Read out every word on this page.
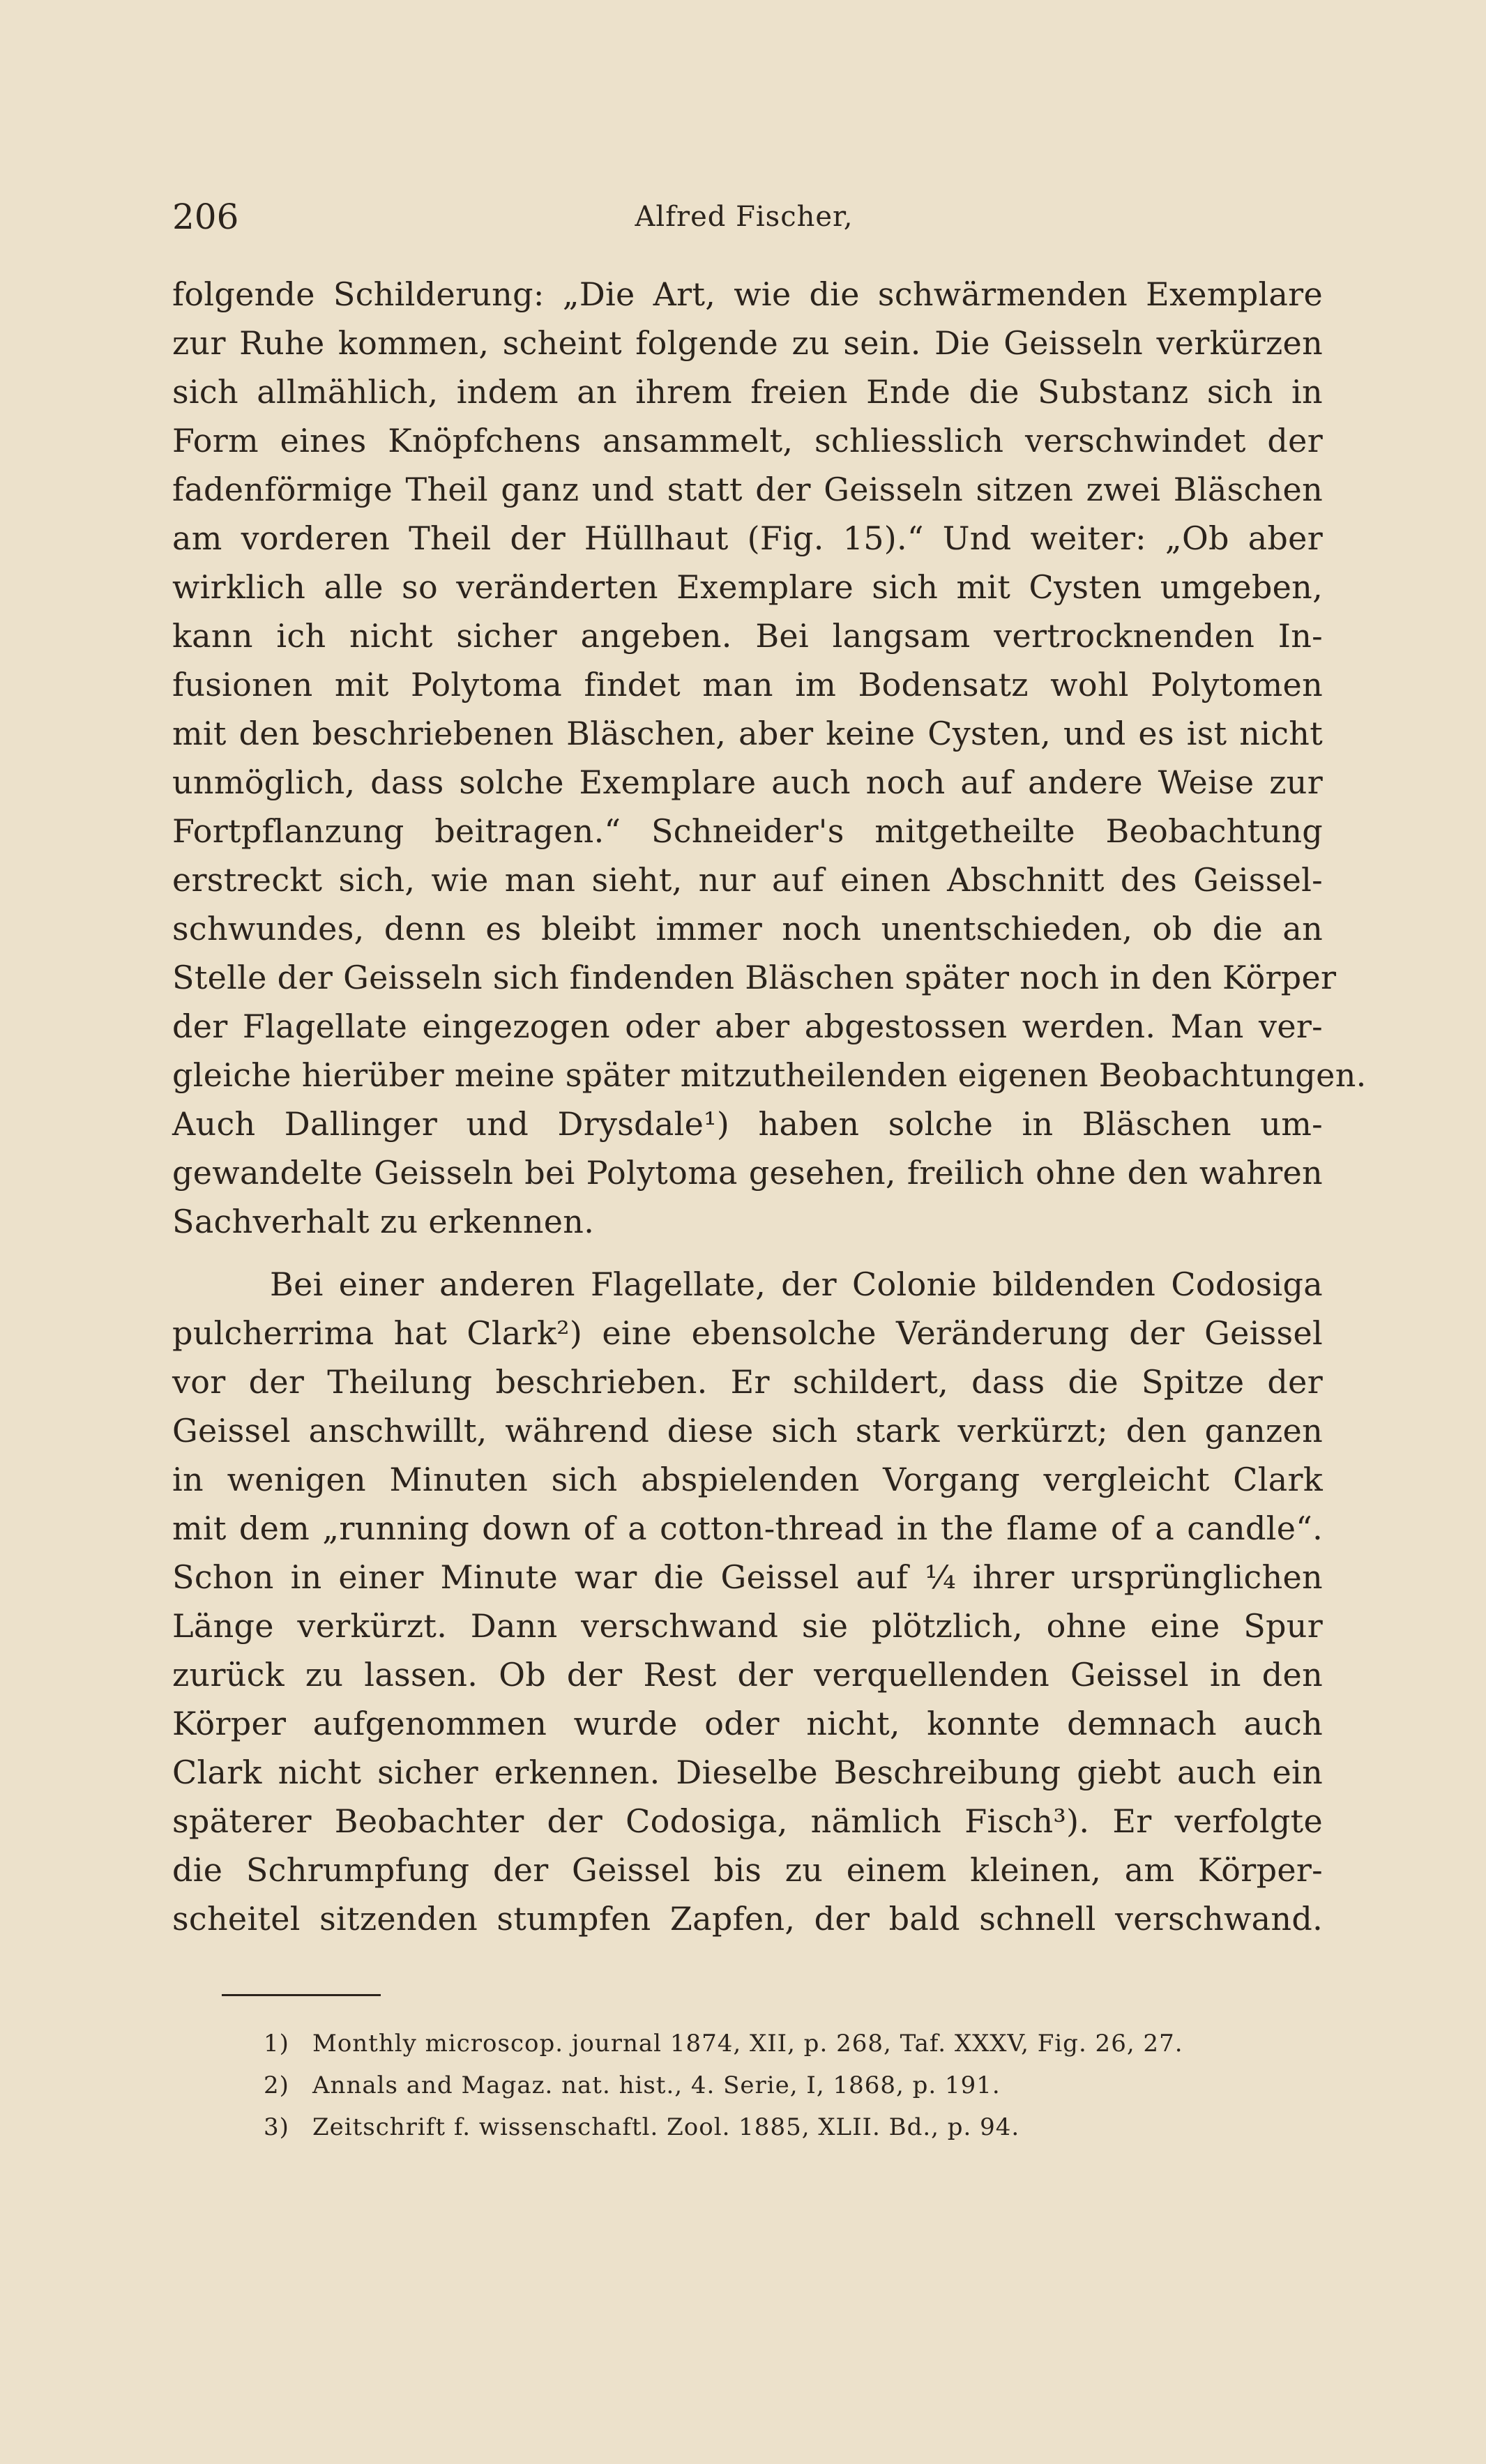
206	Alfred Fischer,
folgende Schilderung: „Die Art, wie die schwärmenden Exemplare
zur Ruhe kommen, scheint folgende zu sein. Die Geisseln verkürzen
sich allmählich, indem an ihrem freien Ende die Substanz sich in
Form eines Knöpfchens ansammelt, schliesslich verschwindet der
fadenförmige Theil ganz und statt der Geisseln sitzen zwei Bläschen
am vorderen Theil der Hüllhaut (Fig. 15).“ Und weiter: „Ob aber
wirklich alle so veränderten Exemplare sich mit Cysten umgeben,
kann ich nicht sicher angeben. Bei langsam vertrocknenden In-
fusionen mit Polytoma findet man im Bodensatz wohl Polytomen
mit den beschriebenen Bläschen, aber keine Cysten, und es ist nicht
unmöglich, dass solche Exemplare auch noch auf andere Weise zur
Fortpflanzung beitragen.“ Schneider's mitgetheilte Beobachtung
erstreckt sich, wie man sieht, nur auf einen Abschnitt des Geissel-
schwundes, denn es bleibt immer noch unentschieden, ob die an
Stelle der Geisseln sich findenden Bläschen später noch in den Körper
der Flagellate eingezogen oder aber abgestossen werden. Man ver-
gleiche hierüber meine später mitzutheilenden eigenen Beobachtungen.
Auch Dallinger und Drysdale¹) haben solche in Bläschen um-
gewandelte Geisseln bei Polytoma gesehen, freilich ohne den wahren
Sachverhalt zu erkennen.
Bei einer anderen Flagellate, der Colonie bildenden Codosiga
pulcherrima hat Clark²) eine ebensolche Veränderung der Geissel
vor der Theilung beschrieben. Er schildert, dass die Spitze der
Geissel anschwillt, während diese sich stark verkürzt; den ganzen
in wenigen Minuten sich abspielenden Vorgang vergleicht Clark
mit dem „running down of a cotton-thread in the flame of a candle“.
Schon in einer Minute war die Geissel auf ¼ ihrer ursprünglichen
Länge verkürzt. Dann verschwand sie plötzlich, ohne eine Spur
zurück zu lassen. Ob der Rest der verquellenden Geissel in den
Körper aufgenommen wurde oder nicht, konnte demnach auch
Clark nicht sicher erkennen. Dieselbe Beschreibung giebt auch ein
späterer Beobachter der Codosiga, nämlich Fisch³). Er verfolgte
die Schrumpfung der Geissel bis zu einem kleinen, am Körper-
scheitel sitzenden stumpfen Zapfen, der bald schnell verschwand.
1) Monthly microscop. journal 1874, XII, p. 268, Taf. XXXV, Fig. 26, 27.
2) Annals and Magaz. nat. hist., 4. Serie, I, 1868, p. 191.
3) Zeitschrift f. wissenschaftl. Zool. 1885, XLII. Bd., p. 94.
